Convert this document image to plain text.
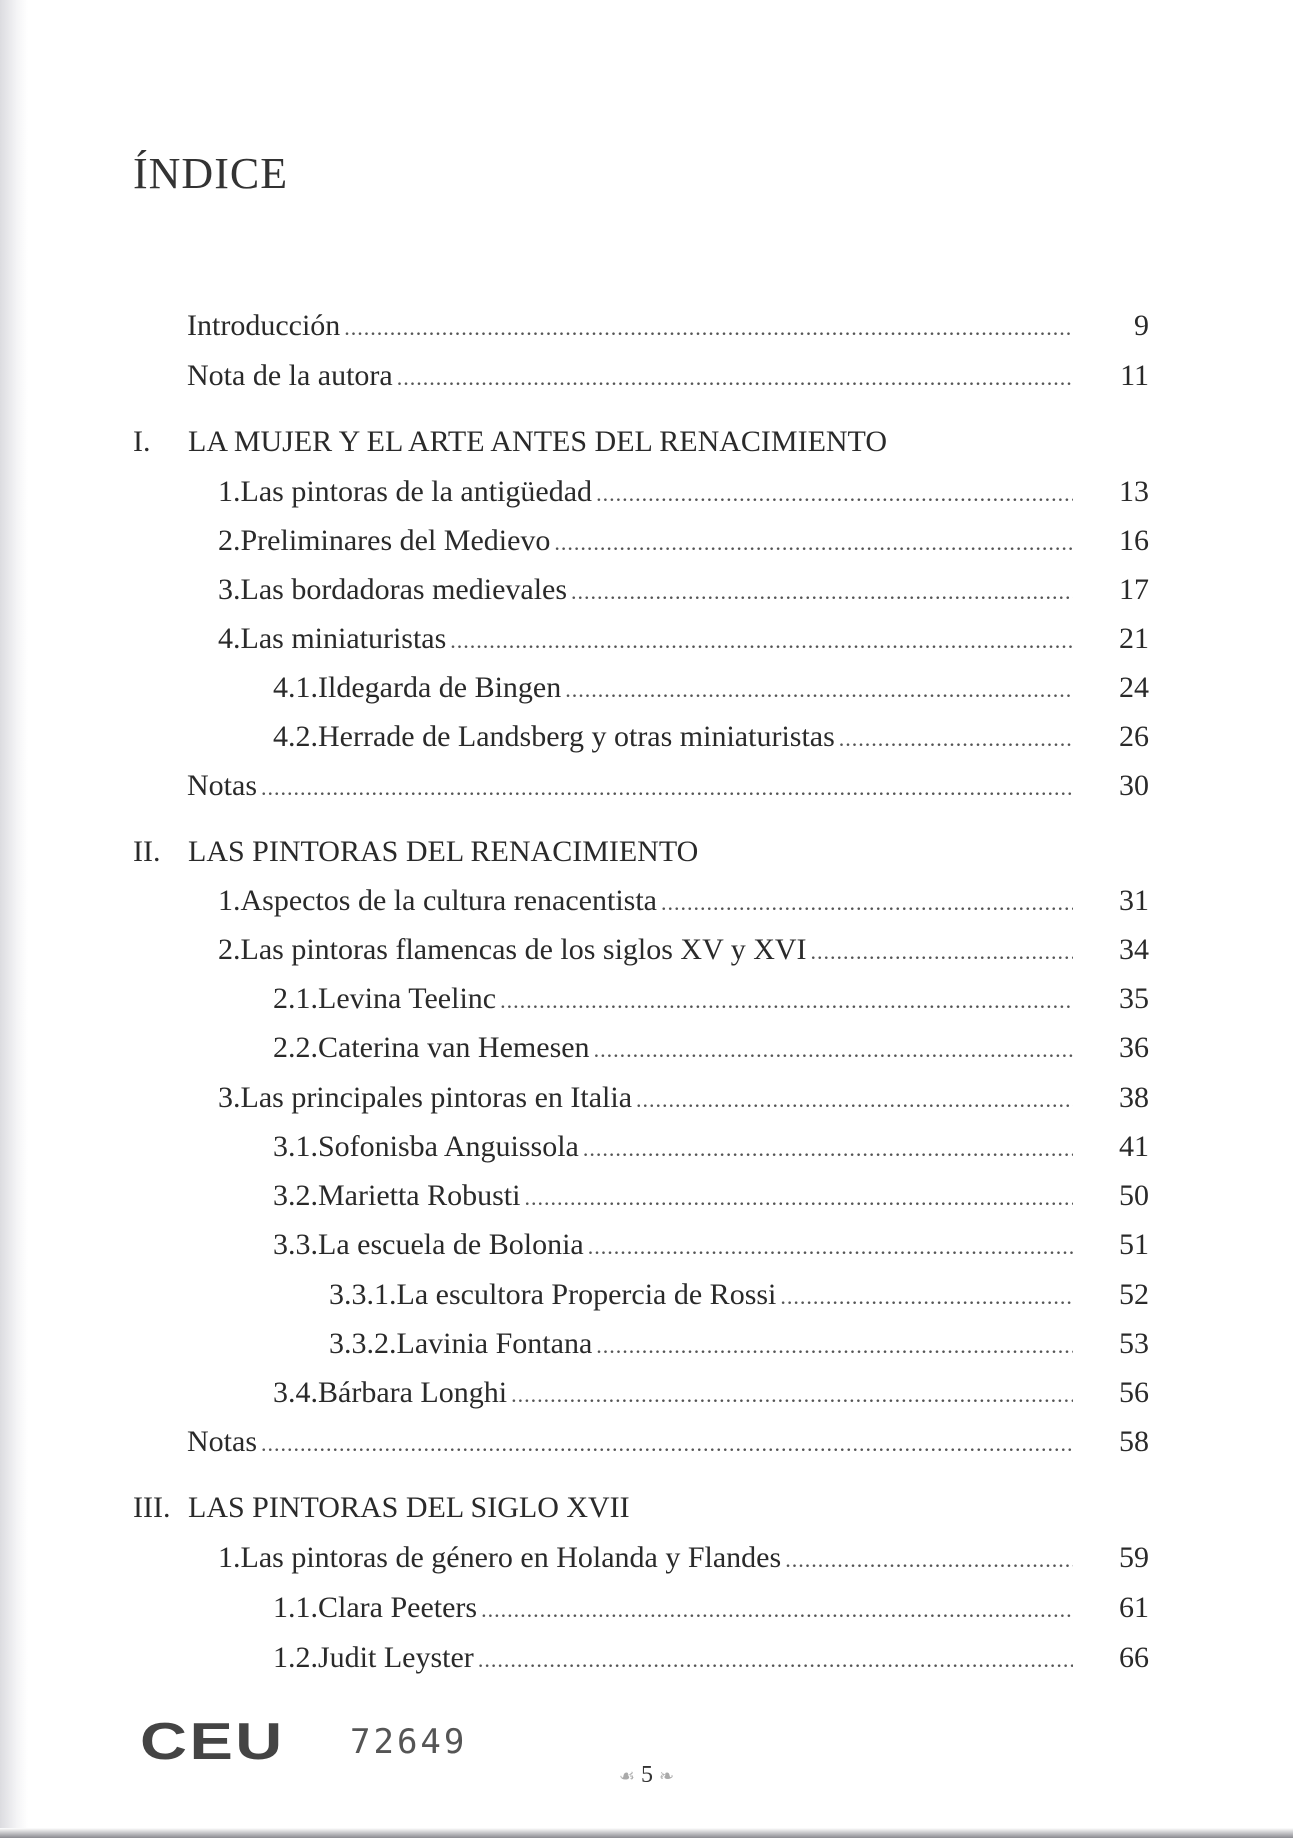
ÍNDICE
Introducción .....	9
Nota de la autora .....	11
I.	LA MUJER Y EL ARTE ANTES DEL RENACIMIENTO
1. Las pintoras de la antigüedad .....	13
2. Preliminares del Medievo .....	16
3. Las bordadoras medievales .....	17
4. Las miniaturistas .....	21
4.1. Ildegarda de Bingen .....	24
4.2. Herrade de Landsberg y otras miniaturistas .....	26
Notas .....	30
II. LAS PINTORAS DEL RENACIMIENTO
1. Aspectos de la cultura renacentista .....	31
2. Las pintoras flamencas de los siglos XV y XVI .....	34
2.1. Levina Teelinc .....	35
2.2. Caterina van Hemesen .....	36
3. Las principales pintoras en Italia .....	38
3.1. Sofonisba Anguissola .....	41
3.2. Marietta Robusti .....	50
3.3. La escuela de Bolonia .....	51
3.3.1. La escultora Propercia de Rossi .....	52
3.3.2. Lavinia Fontana .....	53
3.4. Bárbara Longhi .....	56
Notas .....	58
III. LAS PINTORAS DEL SIGLO XVII
1. Las pintoras de género en Holanda y Flandes .....	59
1.1. Clara Peeters .....	61
1.2. Judit Leyster .....	66
CEU 72649
☙ 5 ❧
